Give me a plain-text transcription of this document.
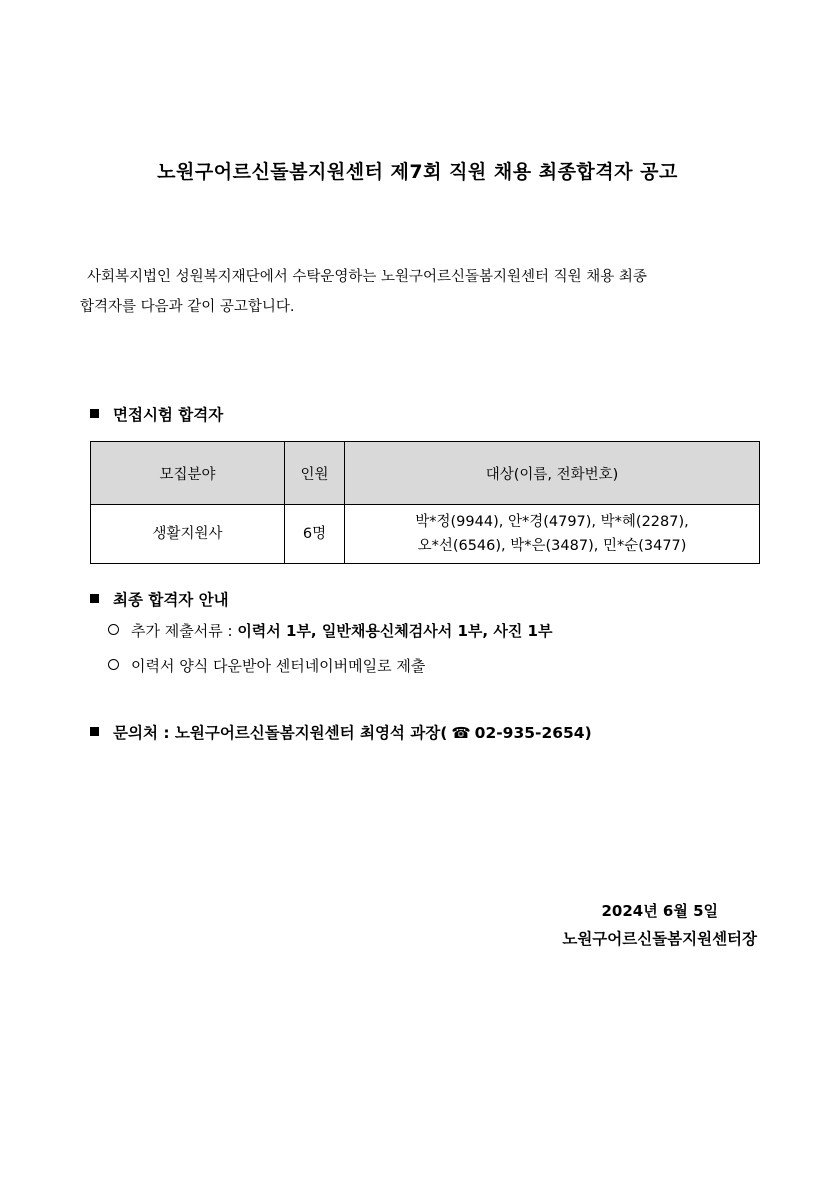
노원구어르신돌봄지원센터 제7회 직원 채용 최종합격자 공고
사회복지법인 성원복지재단에서 수탁운영하는 노원구어르신돌봄지원센터 직원 채용 최종
합격자를 다음과 같이 공고합니다.
면접시험 합격자
모집분야	인원	대상(이름, 전화번호)
생활지원사	6명	박*정(9944), 안*경(4797), 박*혜(2287),
오*선(6546), 박*은(3487), 민*순(3477)
최종 합격자 안내
추가 제출서류 : 이력서 1부, 일반채용신체검사서 1부, 사진 1부
이력서 양식 다운받아 센터네이버메일로 제출
문의처 : 노원구어르신돌봄지원센터 최영석 과장( ☎ 02-935-2654)
2024년 6월 5일
노원구어르신돌봄지원센터장
